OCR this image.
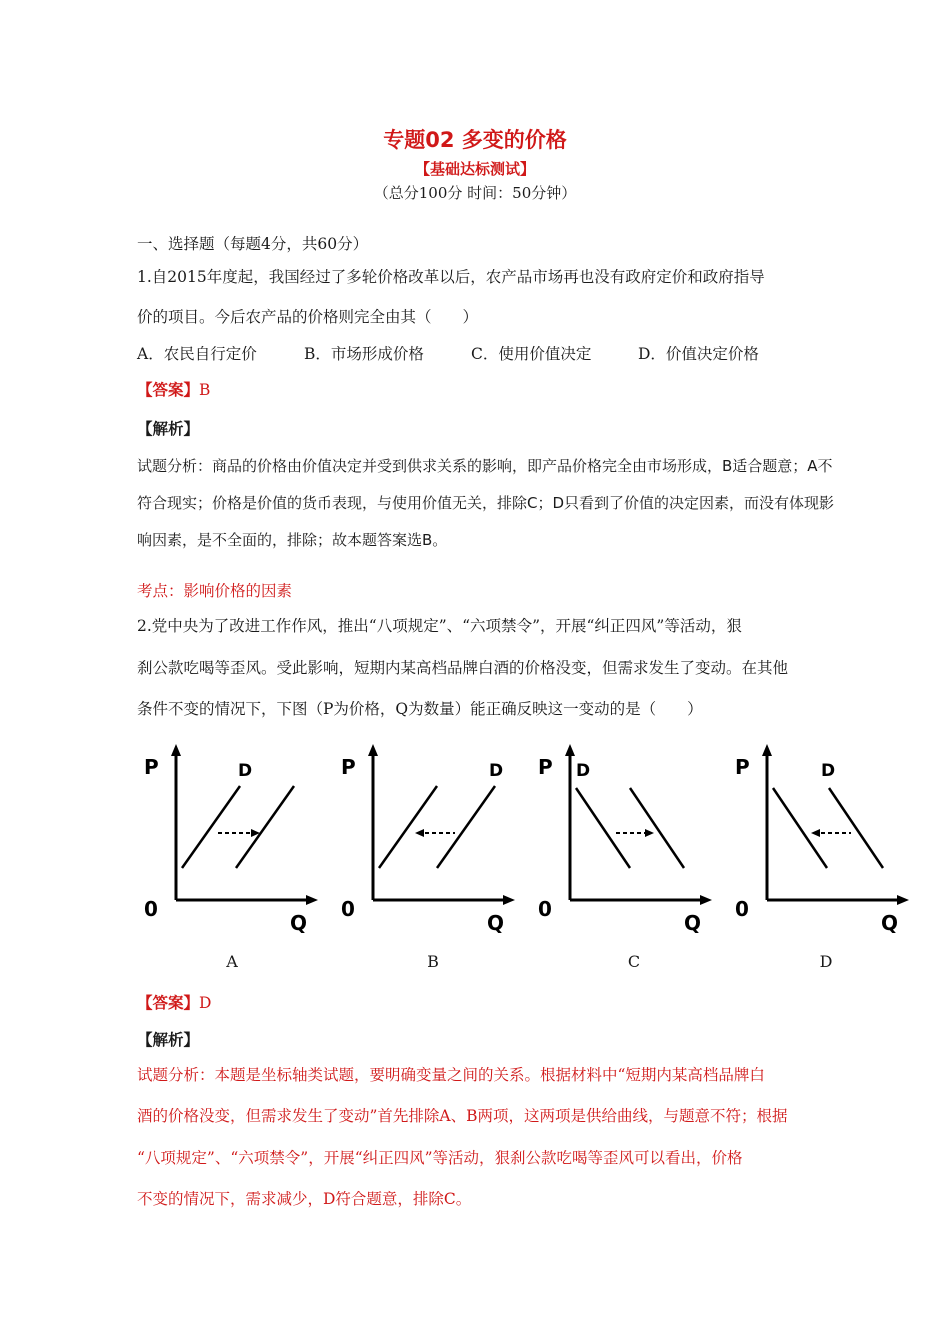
专题02 多变的价格
【基础达标测试】
（总分100分 时间：50分钟）
一、选择题（每题4分，共60分）
1.自2015年度起，我国经过了多轮价格改革以后，农产品市场再也没有政府定价和政府指导
价的项目。今后农产品的价格则完全由其（　　）
A．农民自行定价	B．市场形成价格	C．使用价值决定	D．价值决定价格
【答案】B
【解析】
试题分析：商品的价格由价值决定并受到供求关系的影响，即产品价格完全由市场形成，B适合题意；A不
符合现实；价格是价值的货币表现，与使用价值无关，排除C；D只看到了价值的决定因素，而没有体现影
响因素，是不全面的，排除；故本题答案选B。
考点：影响价格的因素
2.党中央为了改进工作作风，推出“八项规定”、“六项禁令”，开展“纠正四风”等活动，狠
刹公款吃喝等歪风。受此影响，短期内某高档品牌白酒的价格没变，但需求发生了变动。在其他
条件不变的情况下，下图（P为价格，Q为数量）能正确反映这一变动的是（　　）
P	D
0
Q
P	D
0
Q
P D
0
Q
P	D
0
Q
A	B	C	D
【答案】D
【解析】
试题分析：本题是坐标轴类试题，要明确变量之间的关系。根据材料中“短期内某高档品牌白
酒的价格没变，但需求发生了变动”首先排除A、B两项，这两项是供给曲线，与题意不符；根据
“八项规定”、“六项禁令”，开展“纠正四风”等活动，狠刹公款吃喝等歪风可以看出，价格
不变的情况下，需求减少，D符合题意，排除C。
